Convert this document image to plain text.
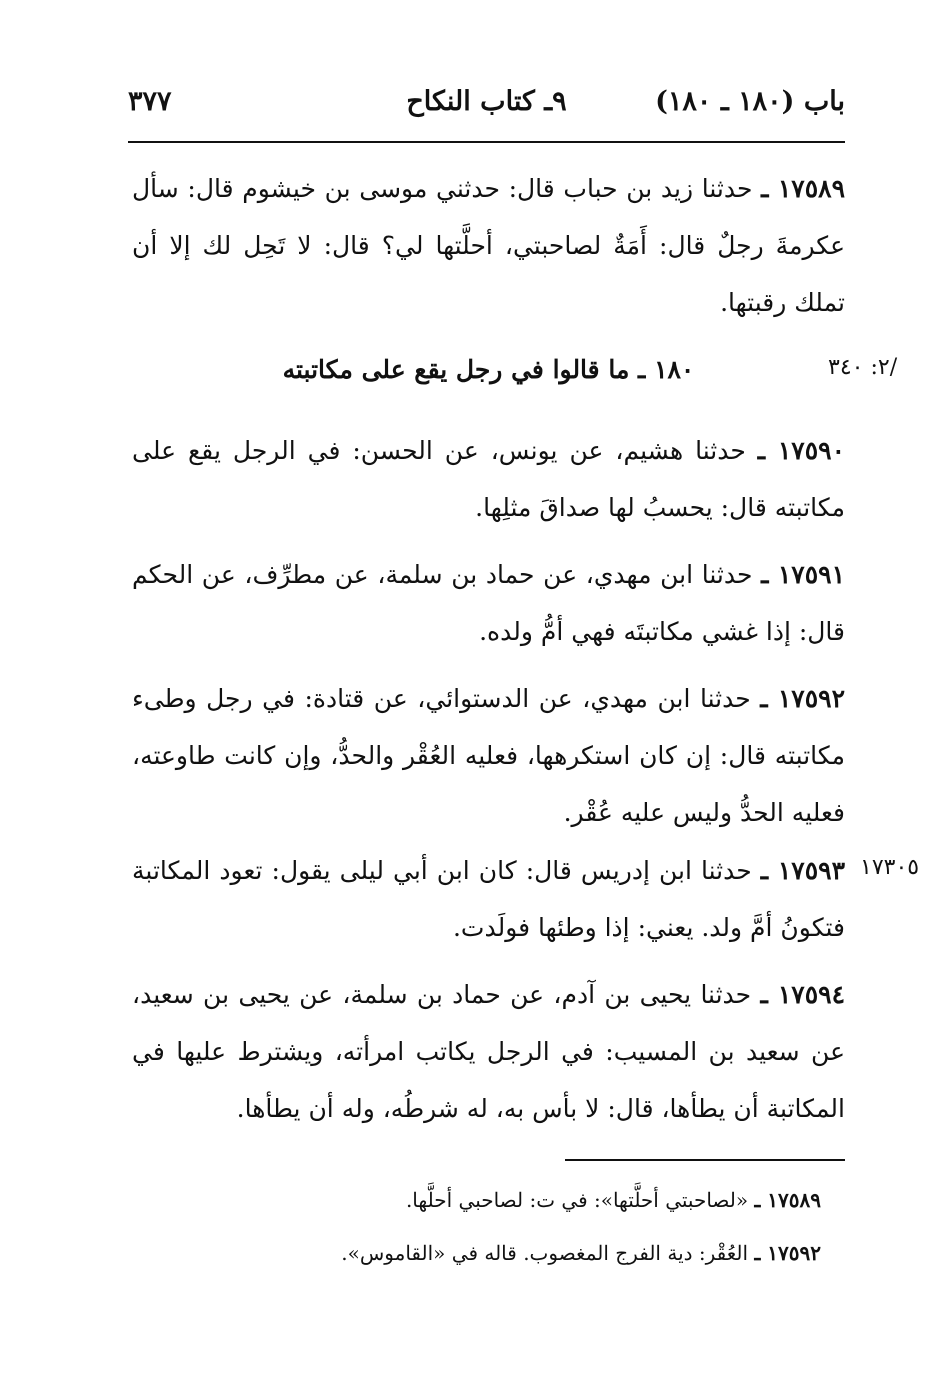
باب (١٨٠ ـ ١٨٠)
٩ـ كتاب النكاح
٣٧٧
١٧٥٨٩ ـ حدثنا زيد بن حباب قال: حدثني موسى بن خيشوم قال: سأل عكرمةَ رجلٌ قال: أَمَةٌ لصاحبتي، أحلَّتها لي؟ قال: لا تَحِل لك إلا أن تملك رقبتها.
/٢: ٣٤٠
١٨٠ ـ ما قالوا في رجل يقع على مكاتبته
١٧٥٩٠ ـ حدثنا هشيم، عن يونس، عن الحسن: في الرجل يقع على مكاتبته قال: يحسبُ لها صداقَ مثلِها.
١٧٥٩١ ـ حدثنا ابن مهدي، عن حماد بن سلمة، عن مطرِّف، عن الحكم قال: إذا غشي مكاتبتَه فهي أمُّ ولده.
١٧٥٩٢ ـ حدثنا ابن مهدي، عن الدستوائي، عن قتادة: في رجل وطىء مكاتبته قال: إن كان استكرهها، فعليه العُقْر والحدُّ، وإن كانت طاوعته، فعليه الحدُّ وليس عليه عُقْر.
١٧٣٠٥
١٧٥٩٣ ـ حدثنا ابن إدريس قال: كان ابن أبي ليلى يقول: تعود المكاتبة فتكونُ أمَّ ولد. يعني: إذا وطئها فولَدت.
١٧٥٩٤ ـ حدثنا يحيى بن آدم، عن حماد بن سلمة، عن يحيى بن سعيد، عن سعيد بن المسيب: في الرجل يكاتب امرأته، ويشترط عليها في المكاتبة أن يطأها، قال: لا بأس به، له شرطُه، وله أن يطأها.
١٧٥٨٩ ـ «لصاحبتي أحلَّتها»: في ت: لصاحبي أحلَّها.
١٧٥٩٢ ـ العُقْر: دية الفرج المغصوب. قاله في «القاموس».
